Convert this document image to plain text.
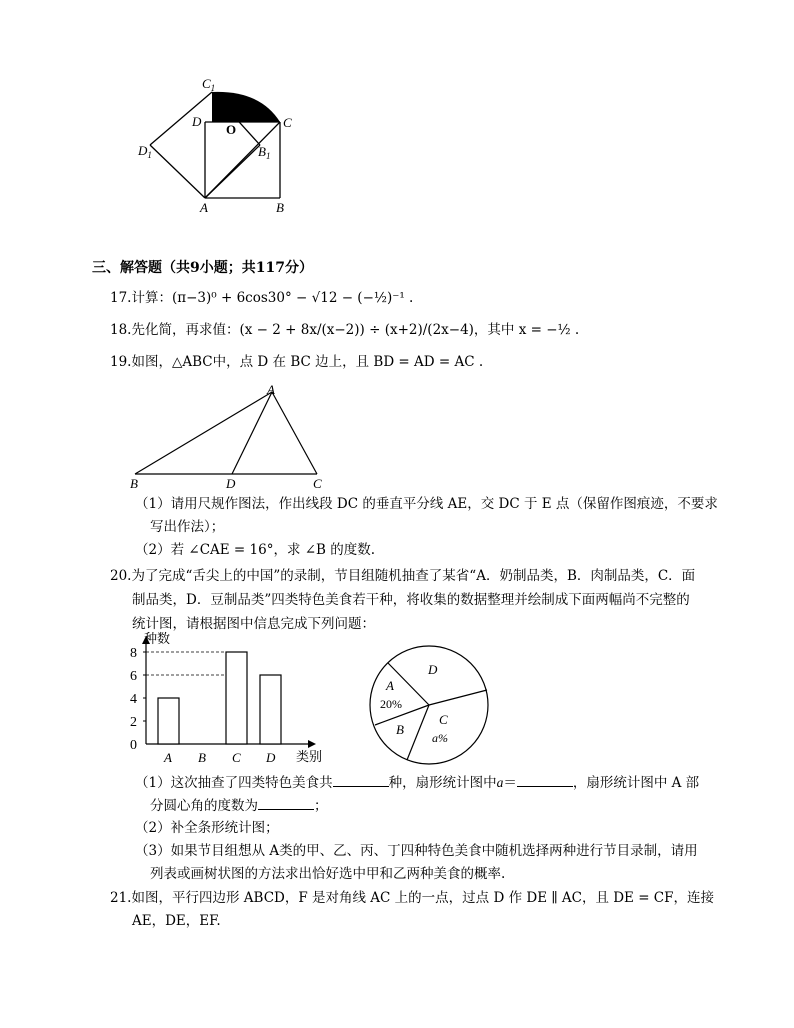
$C_1$
D
O	C
$D_1$	$B_1$
A	B
三、解答题（共9小题；共117分）
17.计算：(π−3)⁰ + 6cos30° − √12 − (−½)⁻¹ .
18.先化简，再求值：(x − 2 + 8x/(x−2)) ÷ (x+2)/(2x−4)，其中 x = −½ .
19.如图，△ABC中，点 D 在 BC 边上，且 BD = AD = AC .
A
B	D	C
（1）请用尺规作图法，作出线段 DC 的垂直平分线 AE，交 DC 于 E 点（保留作图痕迹，不要求
写出作法）；
（2）若 ∠CAE = 16°，求 ∠B 的度数.
20.为了完成“舌尖上的中国”的录制，节目组随机抽查了某省“A．奶制品类，B．肉制品类，C．面
制品类，D．豆制品类”四类特色美食若干种，将收集的数据整理并绘制成下面两幅尚不完整的
统计图，请根据图中信息完成下列问题：
种数
类别
0
2
4
6
8
A B C D
D
A
20%
B
C
a%
（1）这次抽查了四类特色美食共	种，扇形统计图中a＝	，扇形统计图中 A 部
分圆心角的度数为	；
（2）补全条形统计图；
（3）如果节目组想从 A类的甲、乙、丙、丁四种特色美食中随机选择两种进行节目录制，请用
列表或画树状图的方法求出恰好选中甲和乙两种美食的概率.
21.如图，平行四边形 ABCD，F 是对角线 AC 上的一点，过点 D 作 DE ∥ AC，且 DE = CF，连接
AE，DE，EF.
